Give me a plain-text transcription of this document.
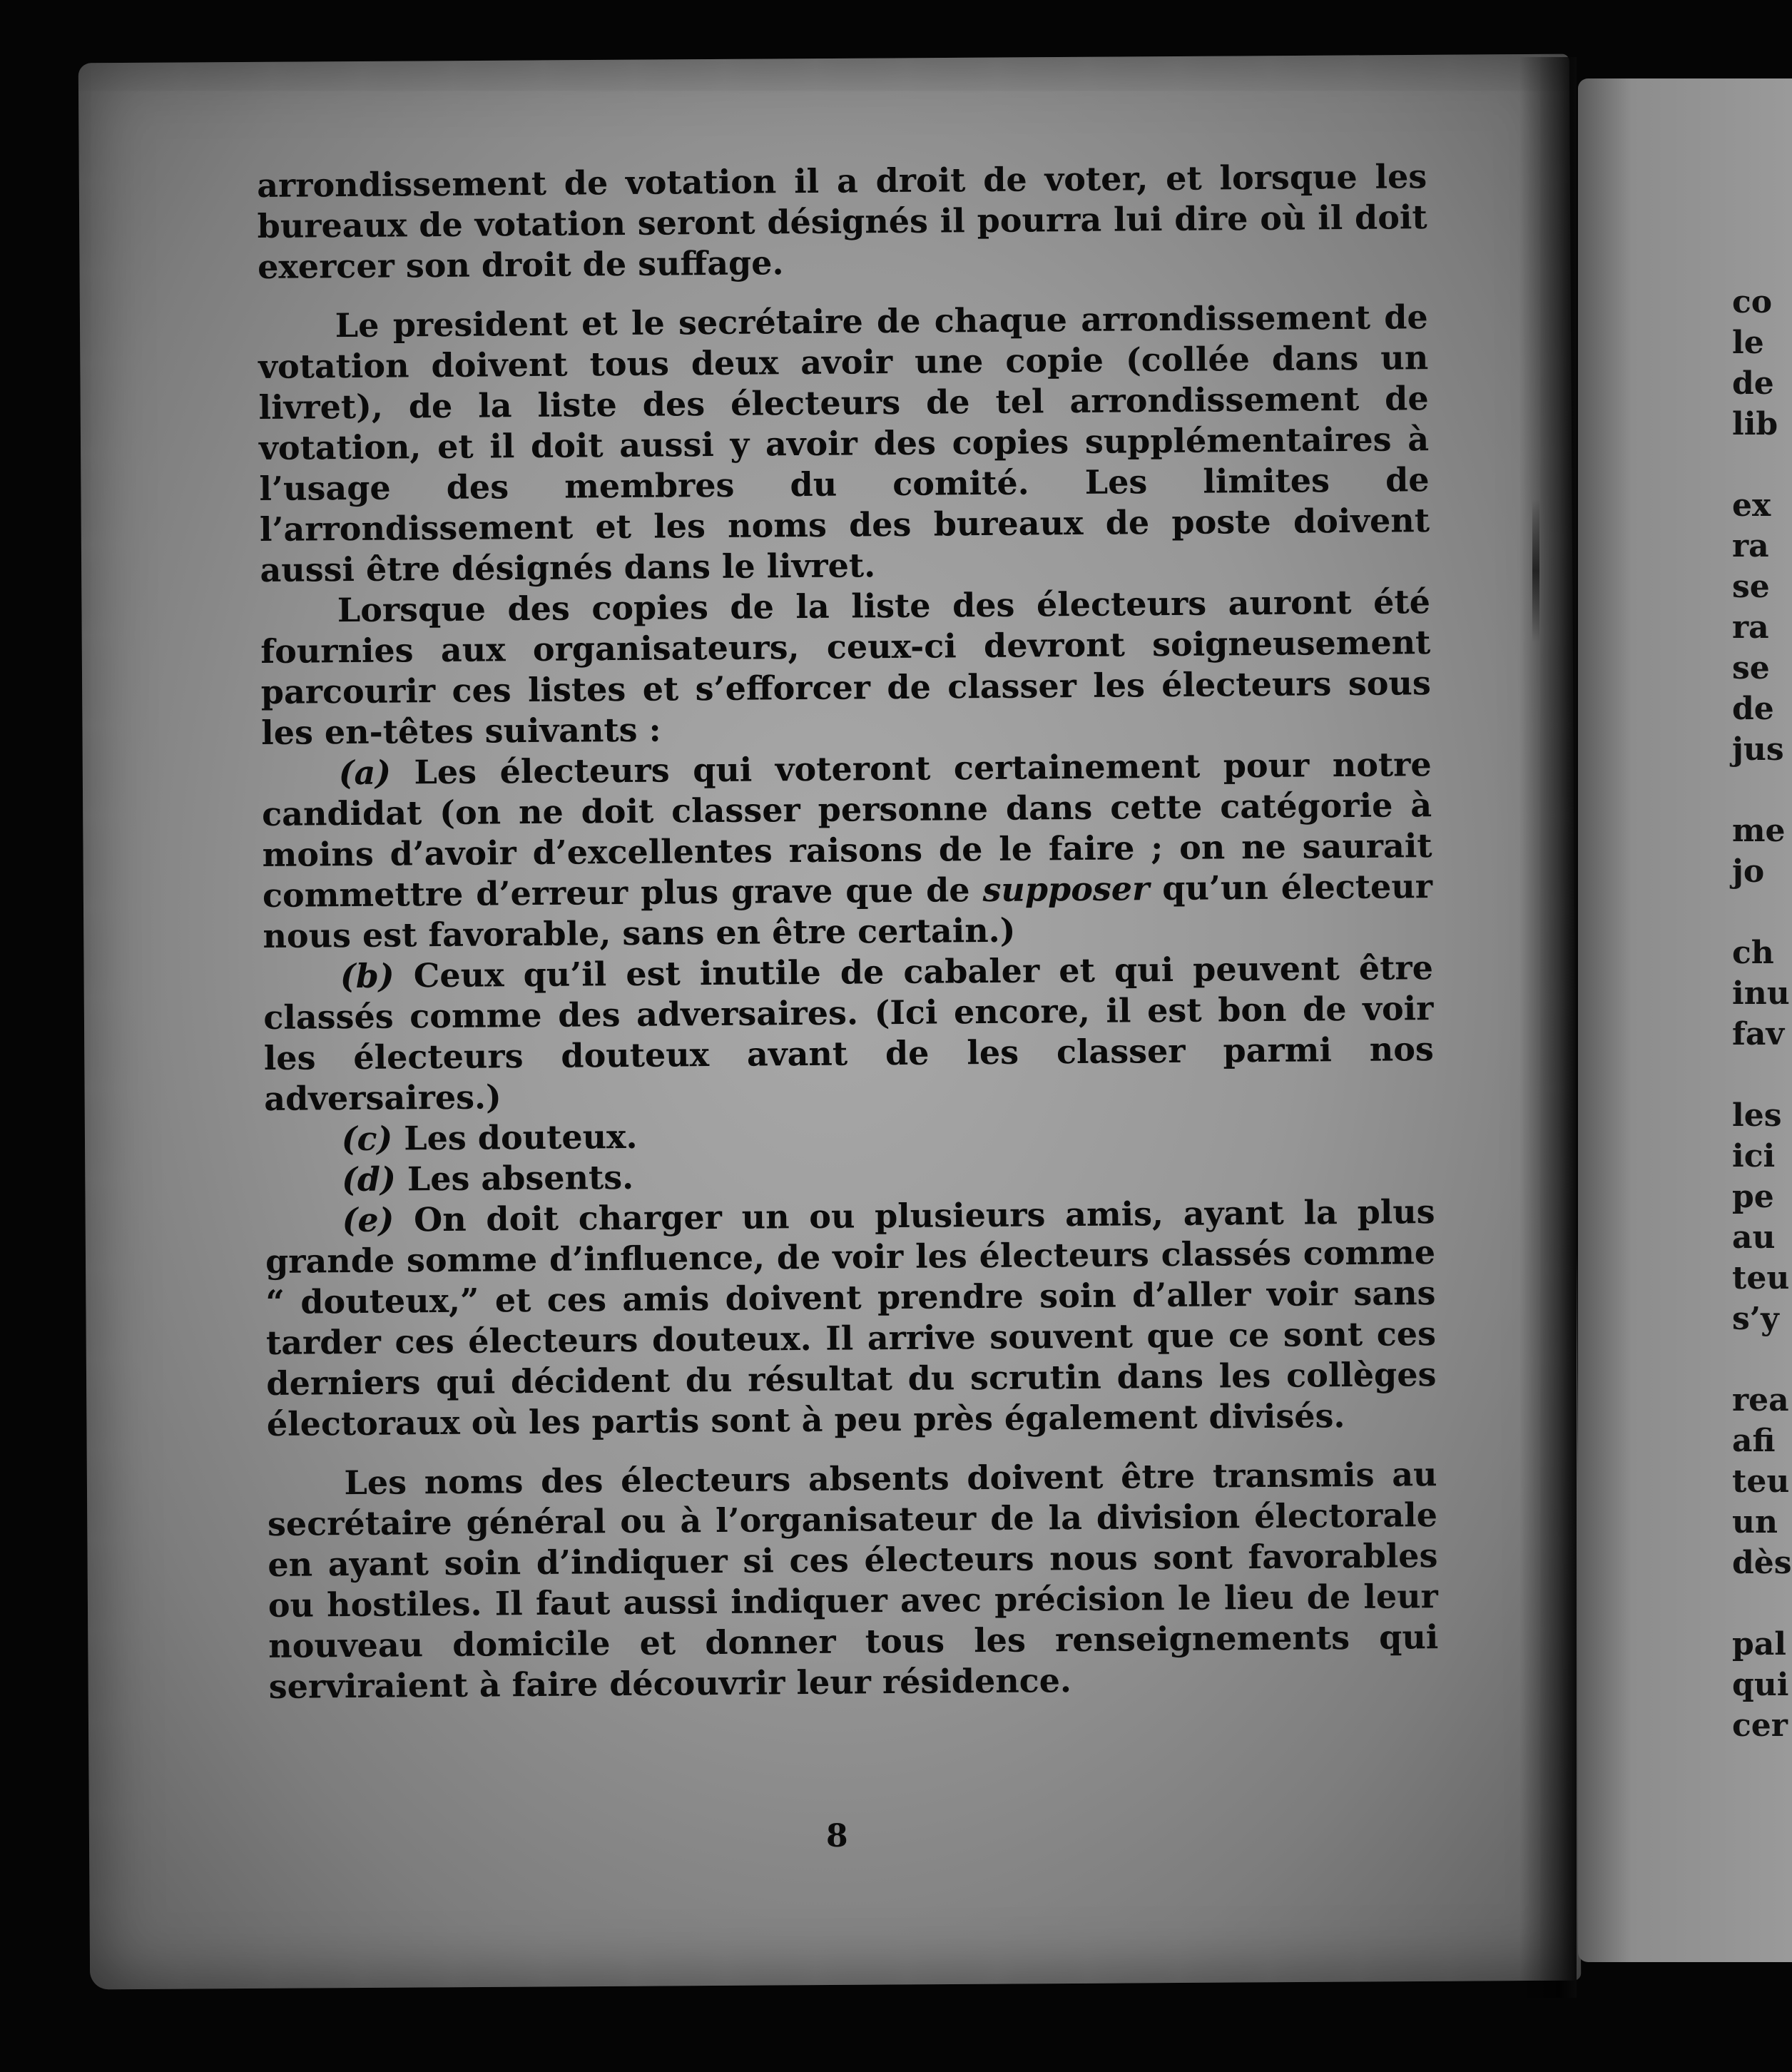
arrondissement de votation il a droit de voter, et lorsque les bureaux de votation seront désignés il pourra lui dire où il doit exercer son droit de suffage.

Le president et le secrétaire de chaque arrondissement de votation doivent tous deux avoir une copie (collée dans un livret), de la liste des électeurs de tel arrondissement de votation, et il doit aussi y avoir des copies supplémentaires à l’usage des membres du comité. Les limites de l’arrondissement et les noms des bureaux de poste doivent aussi être désignés dans le livret.

Lorsque des copies de la liste des électeurs auront été fournies aux organisateurs, ceux-ci devront soigneusement parcourir ces listes et s’efforcer de classer les électeurs sous les en-têtes suivants :

(a) Les électeurs qui voteront certainement pour notre candidat (on ne doit classer personne dans cette catégorie à moins d’avoir d’excellentes raisons de le faire ; on ne saurait commettre d’erreur plus grave que de supposer qu’un électeur nous est favorable, sans en être certain.)

(b) Ceux qu’il est inutile de cabaler et qui peuvent être classés comme des adversaires. (Ici encore, il est bon de voir les électeurs douteux avant de les classer parmi nos adversaires.)

(c) Les douteux.

(d) Les absents.

(e) On doit charger un ou plusieurs amis, ayant la plus grande somme d’influence, de voir les électeurs classés comme “ douteux,” et ces amis doivent prendre soin d’aller voir sans tarder ces électeurs douteux. Il arrive souvent que ce sont ces derniers qui décident du résultat du scrutin dans les collèges électoraux où les partis sont à peu près également divisés.

Les noms des électeurs absents doivent être transmis au secrétaire général ou à l’organisateur de la division électorale en ayant soin d’indiquer si ces électeurs nous sont favorables ou hostiles. Il faut aussi indiquer avec précision le lieu de leur nouveau domicile et donner tous les renseignements qui serviraient à faire découvrir leur résidence.

8
co
le
de
lib
ex
ra
se
ra
se
de
jus
me
jo
ch
inu
fav
les
ici
pe
au
teu
s’y
rea
afi
teu
un
dès
pal
qui
cer
